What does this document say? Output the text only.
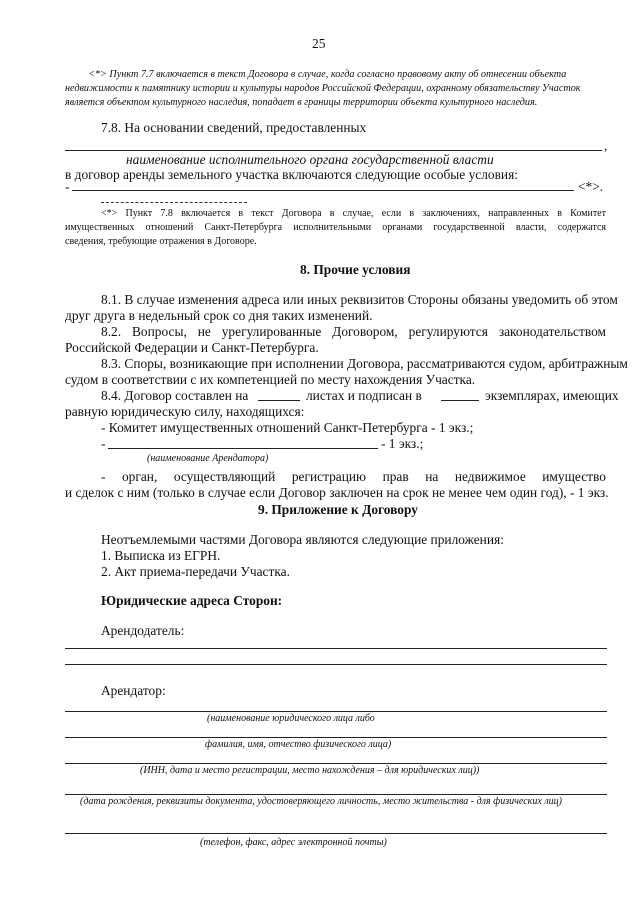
25
<*> Пункт 7.7 включается в текст Договора в случае, когда согласно правовому акту об отнесении объекта
недвижимости к памятнику истории и культуры народов Российской Федерации, охранному обязательству Участок
является объектом культурного наследия, попадает в границы территории объекта культурного наследия.
7.8. На основании сведений, предоставленных
,
наименование исполнительного органа государственной власти
в договор аренды земельного участка включаются следующие особые условия:
-	<*>.
<*> Пункт 7.8 включается в текст Договора в случае, если в заключениях, направленных в Комитет
имущественных отношений Санкт-Петербурга исполнительными органами государственной власти, содержатся
сведения, требующие отражения в Договоре.
8. Прочие условия
8.1. В случае изменения адреса или иных реквизитов Стороны обязаны уведомить об этом
друг друга в недельный срок со дня таких изменений.
8.2. Вопросы, не урегулированные Договором, регулируются законодательством
Российской Федерации и Санкт-Петербурга.
8.3. Споры, возникающие при исполнении Договора, рассматриваются судом, арбитражным
судом в соответствии с их компетенцией по месту нахождения Участка.
8.4. Договор составлен на	листах и подписан в	экземплярах, имеющих
равную юридическую силу, находящихся:
- Комитет имущественных отношений Санкт-Петербурга - 1 экз.;
-	- 1 экз.;
(наименование Арендатора)
- орган, осуществляющий регистрацию прав на недвижимое имущество
и сделок с ним (только в случае если Договор заключен на срок не менее чем один год), - 1 экз.
9. Приложение к Договору
Неотъемлемыми частями Договора являются следующие приложения:
1. Выписка из ЕГРН.
2. Акт приема-передачи Участка.
Юридические адреса Сторон:
Арендодатель:
Арендатор:
(наименование юридического лица либо
фамилия, имя, отчество физического лица)
(ИНН, дата и место регистрации, место нахождения – для юридических лиц))
(дата рождения, реквизиты документа, удостоверяющего личность, место жительства - для физических лиц)
(телефон, факс, адрес электронной почты)
